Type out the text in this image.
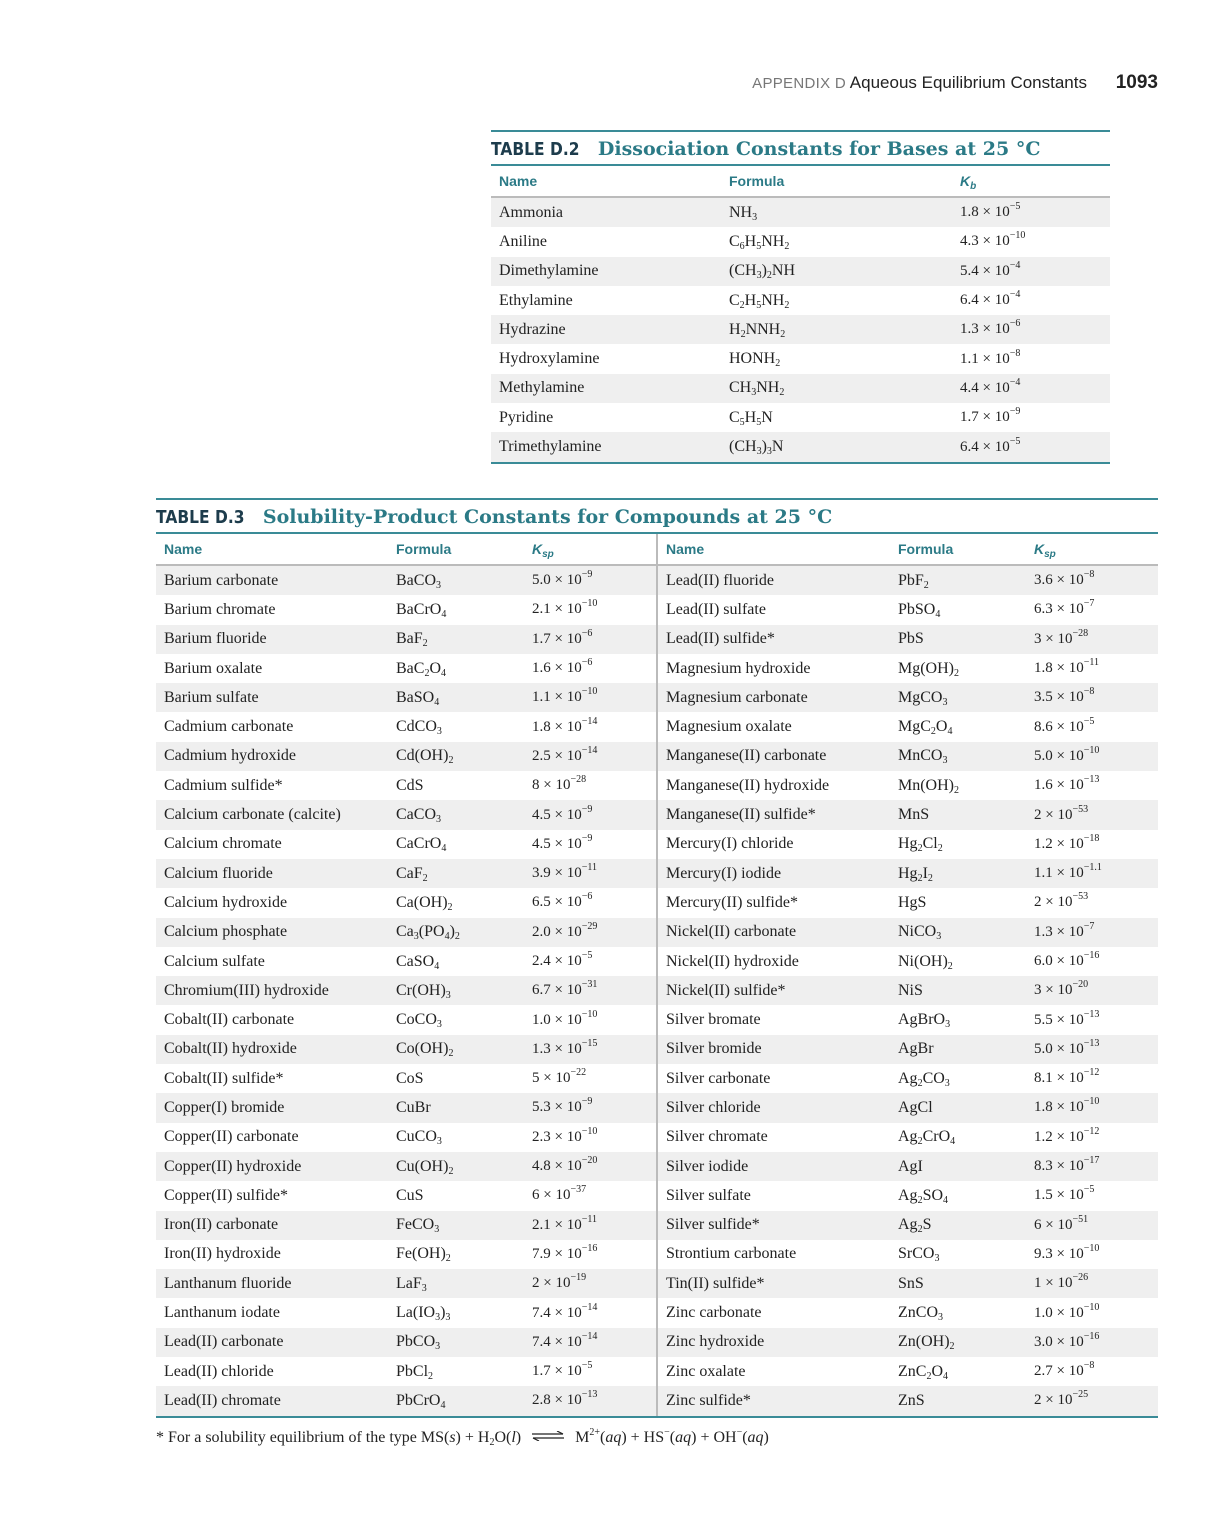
APPENDIX D Aqueous Equilibrium Constants 1093
TABLE D.2 Dissociation Constants for Bases at 25 °C
Name	Formula	$K_b$
Ammonia	$NH_3$	$1.8 \times 10^{-5}$
Aniline	$C_6H_5NH_2$	$4.3 \times 10^{-10}$
Dimethylamine	$(CH_3)_2NH$	$5.4 \times 10^{-4}$
Ethylamine	$C_2H_5NH_2$	$6.4 \times 10^{-4}$
Hydrazine	$H_2NNH_2$	$1.3 \times 10^{-6}$
Hydroxylamine	$HONH_2$	$1.1 \times 10^{-8}$
Methylamine	$CH_3NH_2$	$4.4 \times 10^{-4}$
Pyridine	$C_5H_5N$	$1.7 \times 10^{-9}$
Trimethylamine	$(CH_3)_3N$	$6.4 \times 10^{-5}$
TABLE D.3 Solubility-Product Constants for Compounds at 25 °C
Name	Formula	$K_{sp}$
Barium carbonate	BaCO$_3$	$5.0 \times 10^{-9}$
Barium chromate	BaCrO$_4$	$2.1 \times 10^{-10}$
Barium fluoride	BaF$_2$	$1.7 \times 10^{-6}$
Barium oxalate	$BaC_2O_4$	$1.6 \times 10^{-6}$
Barium sulfate	BaSO$_4$	$1.1 \times 10^{-10}$
Cadmium carbonate	CdCO$_3$	$1.8 \times 10^{-14}$
Cadmium hydroxide	$Cd(OH)_2$	$2.5 \times 10^{-14}$
Cadmium sulfide*	CdS	$8 \times 10^{-28}$
Calcium carbonate (calcite)	CaCO$_3$	$4.5 \times 10^{-9}$
Calcium chromate	CaCrO$_4$	$4.5 \times 10^{-9}$
Calcium fluoride	CaF$_2$	$3.9 \times 10^{-11}$
Calcium hydroxide	$Ca(OH)_2$	$6.5 \times 10^{-6}$
Calcium phosphate	$Ca_3(PO_4)_2$	$2.0 \times 10^{-29}$
Calcium sulfate	CaSO$_4$	$2.4 \times 10^{-5}$
Chromium(III) hydroxide	$Cr(OH)_3$	$6.7 \times 10^{-31}$
Cobalt(II) carbonate	CoCO$_3$	$1.0 \times 10^{-10}$
Cobalt(II) hydroxide	$Co(OH)_2$	$1.3 \times 10^{-15}$
Cobalt(II) sulfide*	CoS	$5 \times 10^{-22}$
Copper(I) bromide	CuBr	$5.3 \times 10^{-9}$
Copper(II) carbonate	CuCO$_3$	$2.3 \times 10^{-10}$
Copper(II) hydroxide	$Cu(OH)_2$	$4.8 \times 10^{-20}$
Copper(II) sulfide*	CuS	$6 \times 10^{-37}$
Iron(II) carbonate	FeCO$_3$	$2.1 \times 10^{-11}$
Iron(II) hydroxide	$Fe(OH)_2$	$7.9 \times 10^{-16}$
Lanthanum fluoride	LaF$_3$	$2 \times 10^{-19}$
Lanthanum iodate	$La(IO_3)_3$	$7.4 \times 10^{-14}$
Lead(II) carbonate	PbCO$_3$	$7.4 \times 10^{-14}$
Lead(II) chloride	PbCl$_2$	$1.7 \times 10^{-5}$
Lead(II) chromate	PbCrO$_4$	$2.8 \times 10^{-13}$
Name	Formula	$K_{sp}$
Lead(II) fluoride	PbF$_2$	$3.6 \times 10^{-8}$
Lead(II) sulfate	PbSO$_4$	$6.3 \times 10^{-7}$
Lead(II) sulfide*	PbS	$3 \times 10^{-28}$
Magnesium hydroxide	$Mg(OH)_2$	$1.8 \times 10^{-11}$
Magnesium carbonate	MgCO$_3$	$3.5 \times 10^{-8}$
Magnesium oxalate	$MgC_2O_4$	$8.6 \times 10^{-5}$
Manganese(II) carbonate	MnCO$_3$	$5.0 \times 10^{-10}$
Manganese(II) hydroxide	$Mn(OH)_2$	$1.6 \times 10^{-13}$
Manganese(II) sulfide*	MnS	$2 \times 10^{-53}$
Mercury(I) chloride	$Hg_2Cl_2$	$1.2 \times 10^{-18}$
Mercury(I) iodide	$Hg_2I_2$	$1.1 \times 10^{-1.1}$
Mercury(II) sulfide*	HgS	$2 \times 10^{-53}$
Nickel(II) carbonate	NiCO$_3$	$1.3 \times 10^{-7}$
Nickel(II) hydroxide	$Ni(OH)_2$	$6.0 \times 10^{-16}$
Nickel(II) sulfide*	NiS	$3 \times 10^{-20}$
Silver bromate	AgBrO$_3$	$5.5 \times 10^{-13}$
Silver bromide	AgBr	$5.0 \times 10^{-13}$
Silver carbonate	$Ag_2CO_3$	$8.1 \times 10^{-12}$
Silver chloride	AgCl	$1.8 \times 10^{-10}$
Silver chromate	$Ag_2CrO_4$	$1.2 \times 10^{-12}$
Silver iodide	AgI	$8.3 \times 10^{-17}$
Silver sulfate	$Ag_2SO_4$	$1.5 \times 10^{-5}$
Silver sulfide*	$Ag_2S$	$6 \times 10^{-51}$
Strontium carbonate	SrCO$_3$	$9.3 \times 10^{-10}$
Tin(II) sulfide*	SnS	$1 \times 10^{-26}$
Zinc carbonate	ZnCO$_3$	$1.0 \times 10^{-10}$
Zinc hydroxide	$Zn(OH)_2$	$3.0 \times 10^{-16}$
Zinc oxalate	$ZnC_2O_4$	$2.7 \times 10^{-8}$
Zinc sulfide*	ZnS	$2 \times 10^{-25}$
* For a solubility equilibrium of the type $MS(s) + H_2O(l)$ ⇌ $M^{2+}(aq) + HS^-(aq) + OH^-(aq)$
